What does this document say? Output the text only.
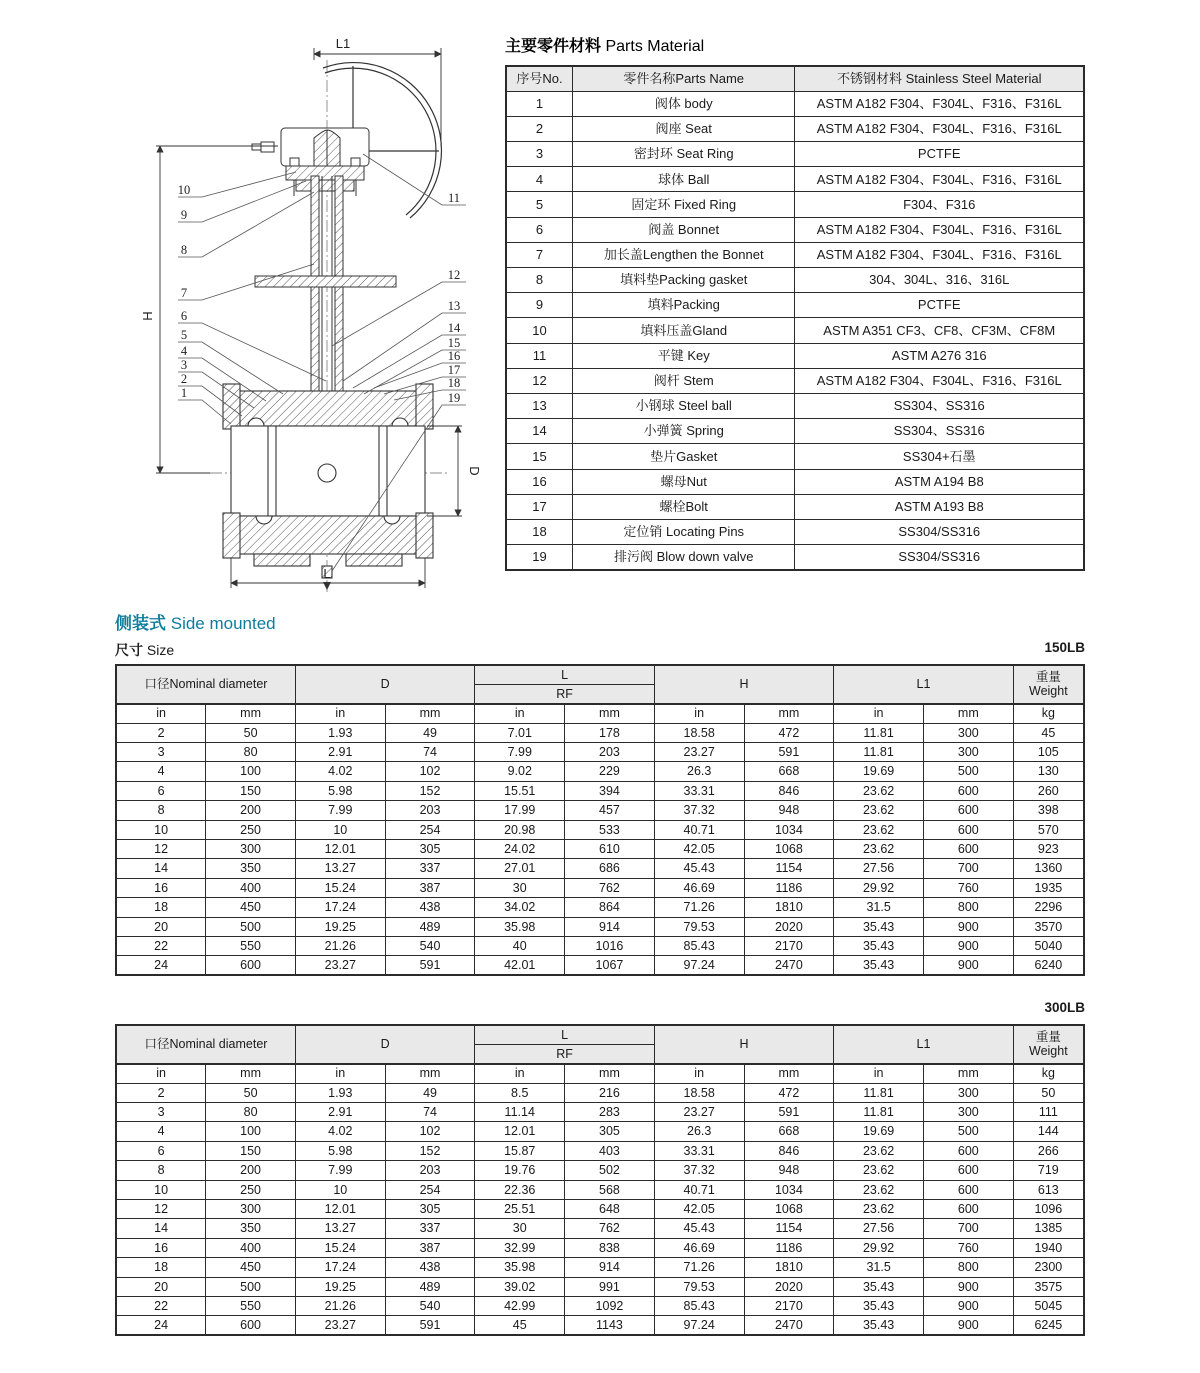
L1
H
D
L
10
9
8
7
6
5
4
3
2
1
11
12
13
14
15
16
17
18
19
主要零件材料 Parts Material
序号No.	零件名称Parts Name	不锈钢材料 Stainless Steel Material
1	阀体 body	ASTM A182 F304、F304L、F316、F316L
2	阀座 Seat	ASTM A182 F304、F304L、F316、F316L
3	密封环 Seat Ring	PCTFE
4	球体 Ball	ASTM A182 F304、F304L、F316、F316L
5	固定环 Fixed Ring	F304、F316
6	阀盖 Bonnet	ASTM A182 F304、F304L、F316、F316L
7	加长盖Lengthen the Bonnet	ASTM A182 F304、F304L、F316、F316L
8	填料垫Packing gasket	304、304L、316、316L
9	填料Packing	PCTFE
10	填料压盖Gland	ASTM A351 CF3、CF8、CF3M、CF8M
11	平键 Key	ASTM A276 316
12	阀杆 Stem	ASTM A182 F304、F304L、F316、F316L
13	小钢球 Steel ball	SS304、SS316
14	小弹簧 Spring	SS304、SS316
15	垫片Gasket	SS304+石墨
16	螺母Nut	ASTM A194 B8
17	螺栓Bolt	ASTM A193 B8
18	定位销 Locating Pins	SS304/SS316
19	排污阀 Blow down valve	SS304/SS316
侧装式 Side mounted
尺寸 Size	150LB
口径Nominal diameter		D		L		H		L1		重量
Weight

				RF						
in	mm	in	mm	in	mm	in	mm	in	mm	kg
2	50	1.93	49	7.01	178	18.58	472	11.81	300	45
3	80	2.91	74	7.99	203	23.27	591	11.81	300	105
4	100	4.02	102	9.02	229	26.3	668	19.69	500	130
6	150	5.98	152	15.51	394	33.31	846	23.62	600	260
8	200	7.99	203	17.99	457	37.32	948	23.62	600	398
10	250	10	254	20.98	533	40.71	1034	23.62	600	570
12	300	12.01	305	24.02	610	42.05	1068	23.62	600	923
14	350	13.27	337	27.01	686	45.43	1154	27.56	700	1360
16	400	15.24	387	30	762	46.69	1186	29.92	760	1935
18	450	17.24	438	34.02	864	71.26	1810	31.5	800	2296
20	500	19.25	489	35.98	914	79.53	2020	35.43	900	3570
22	550	21.26	540	40	1016	85.43	2170	35.43	900	5040
24	600	23.27	591	42.01	1067	97.24	2470	35.43	900	6240
300LB
口径Nominal diameter		D		L		H		L1		重量
Weight

				RF						
in	mm	in	mm	in	mm	in	mm	in	mm	kg
2	50	1.93	49	8.5	216	18.58	472	11.81	300	50
3	80	2.91	74	11.14	283	23.27	591	11.81	300	111
4	100	4.02	102	12.01	305	26.3	668	19.69	500	144
6	150	5.98	152	15.87	403	33.31	846	23.62	600	266
8	200	7.99	203	19.76	502	37.32	948	23.62	600	719
10	250	10	254	22.36	568	40.71	1034	23.62	600	613
12	300	12.01	305	25.51	648	42.05	1068	23.62	600	1096
14	350	13.27	337	30	762	45.43	1154	27.56	700	1385
16	400	15.24	387	32.99	838	46.69	1186	29.92	760	1940
18	450	17.24	438	35.98	914	71.26	1810	31.5	800	2300
20	500	19.25	489	39.02	991	79.53	2020	35.43	900	3575
22	550	21.26	540	42.99	1092	85.43	2170	35.43	900	5045
24	600	23.27	591	45	1143	97.24	2470	35.43	900	6245
